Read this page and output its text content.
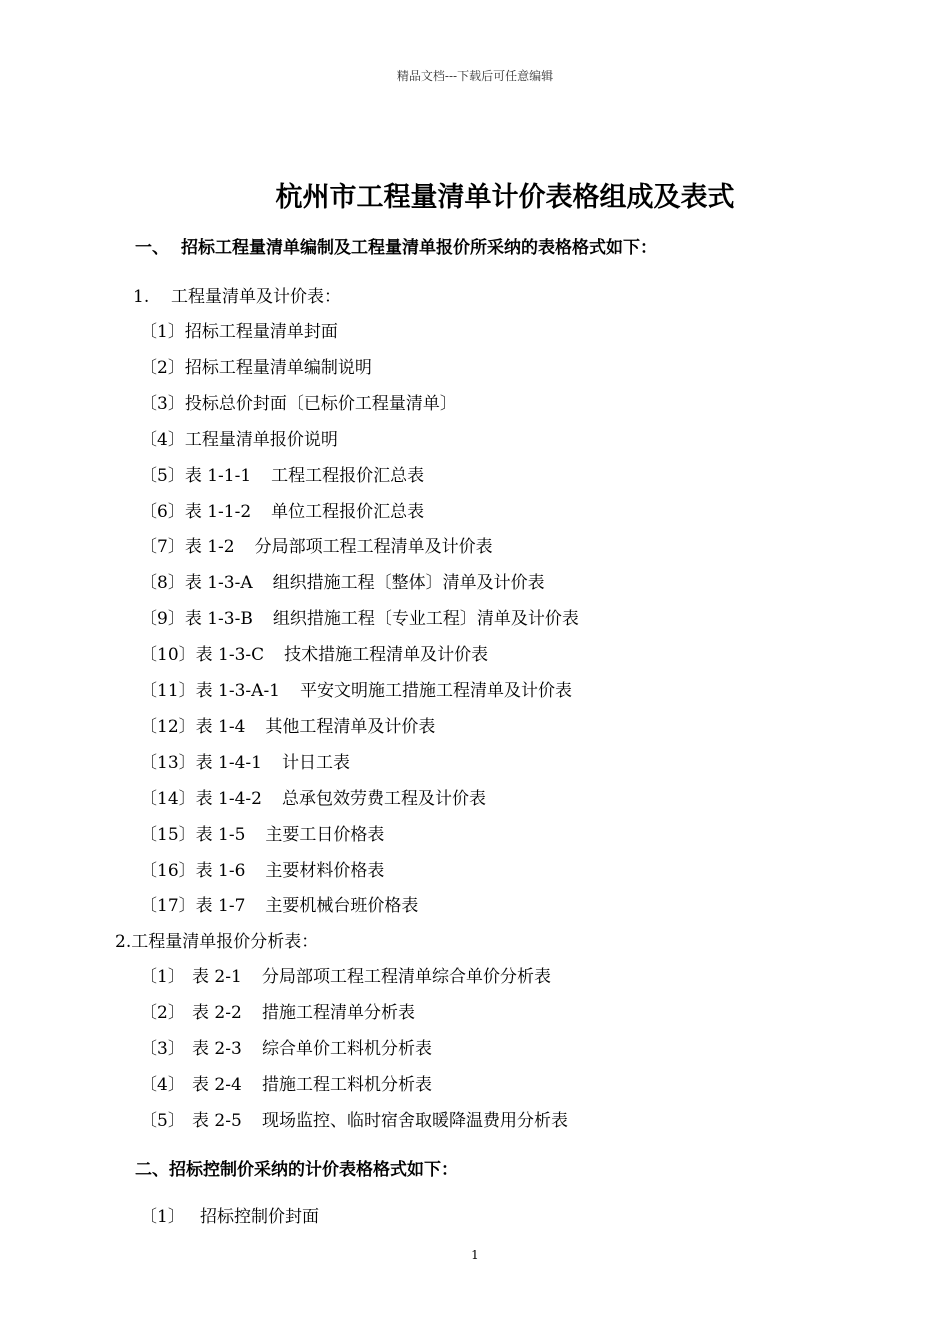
精品文档---下载后可任意编辑
杭州市工程量清单计价表格组成及表式
一、 招标工程量清单编制及工程量清单报价所采纳的表格格式如下：
1. 工程量清单及计价表：
〔1〕招标工程量清单封面
〔2〕招标工程量清单编制说明
〔3〕投标总价封面〔已标价工程量清单〕
〔4〕工程量清单报价说明
〔5〕表 1-1-1 工程工程报价汇总表
〔6〕表 1-1-2 单位工程报价汇总表
〔7〕表 1-2 分局部项工程工程清单及计价表
〔8〕表 1-3-A 组织措施工程〔整体〕清单及计价表
〔9〕表 1-3-B 组织措施工程〔专业工程〕清单及计价表
〔10〕表 1-3-C 技术措施工程清单及计价表
〔11〕表 1-3-A-1 平安文明施工措施工程清单及计价表
〔12〕表 1-4 其他工程清单及计价表
〔13〕表 1-4-1 计日工表
〔14〕表 1-4-2 总承包效劳费工程及计价表
〔15〕表 1-5 主要工日价格表
〔16〕表 1-6 主要材料价格表
〔17〕表 1-7 主要机械台班价格表
2.工程量清单报价分析表：
〔1〕 表 2-1 分局部项工程工程清单综合单价分析表
〔2〕 表 2-2 措施工程清单分析表
〔3〕 表 2-3 综合单价工料机分析表
〔4〕 表 2-4 措施工程工料机分析表
〔5〕 表 2-5 现场监控、临时宿舍取暖降温费用分析表
二、招标控制价采纳的计价表格格式如下：
〔1〕 招标控制价封面
1
